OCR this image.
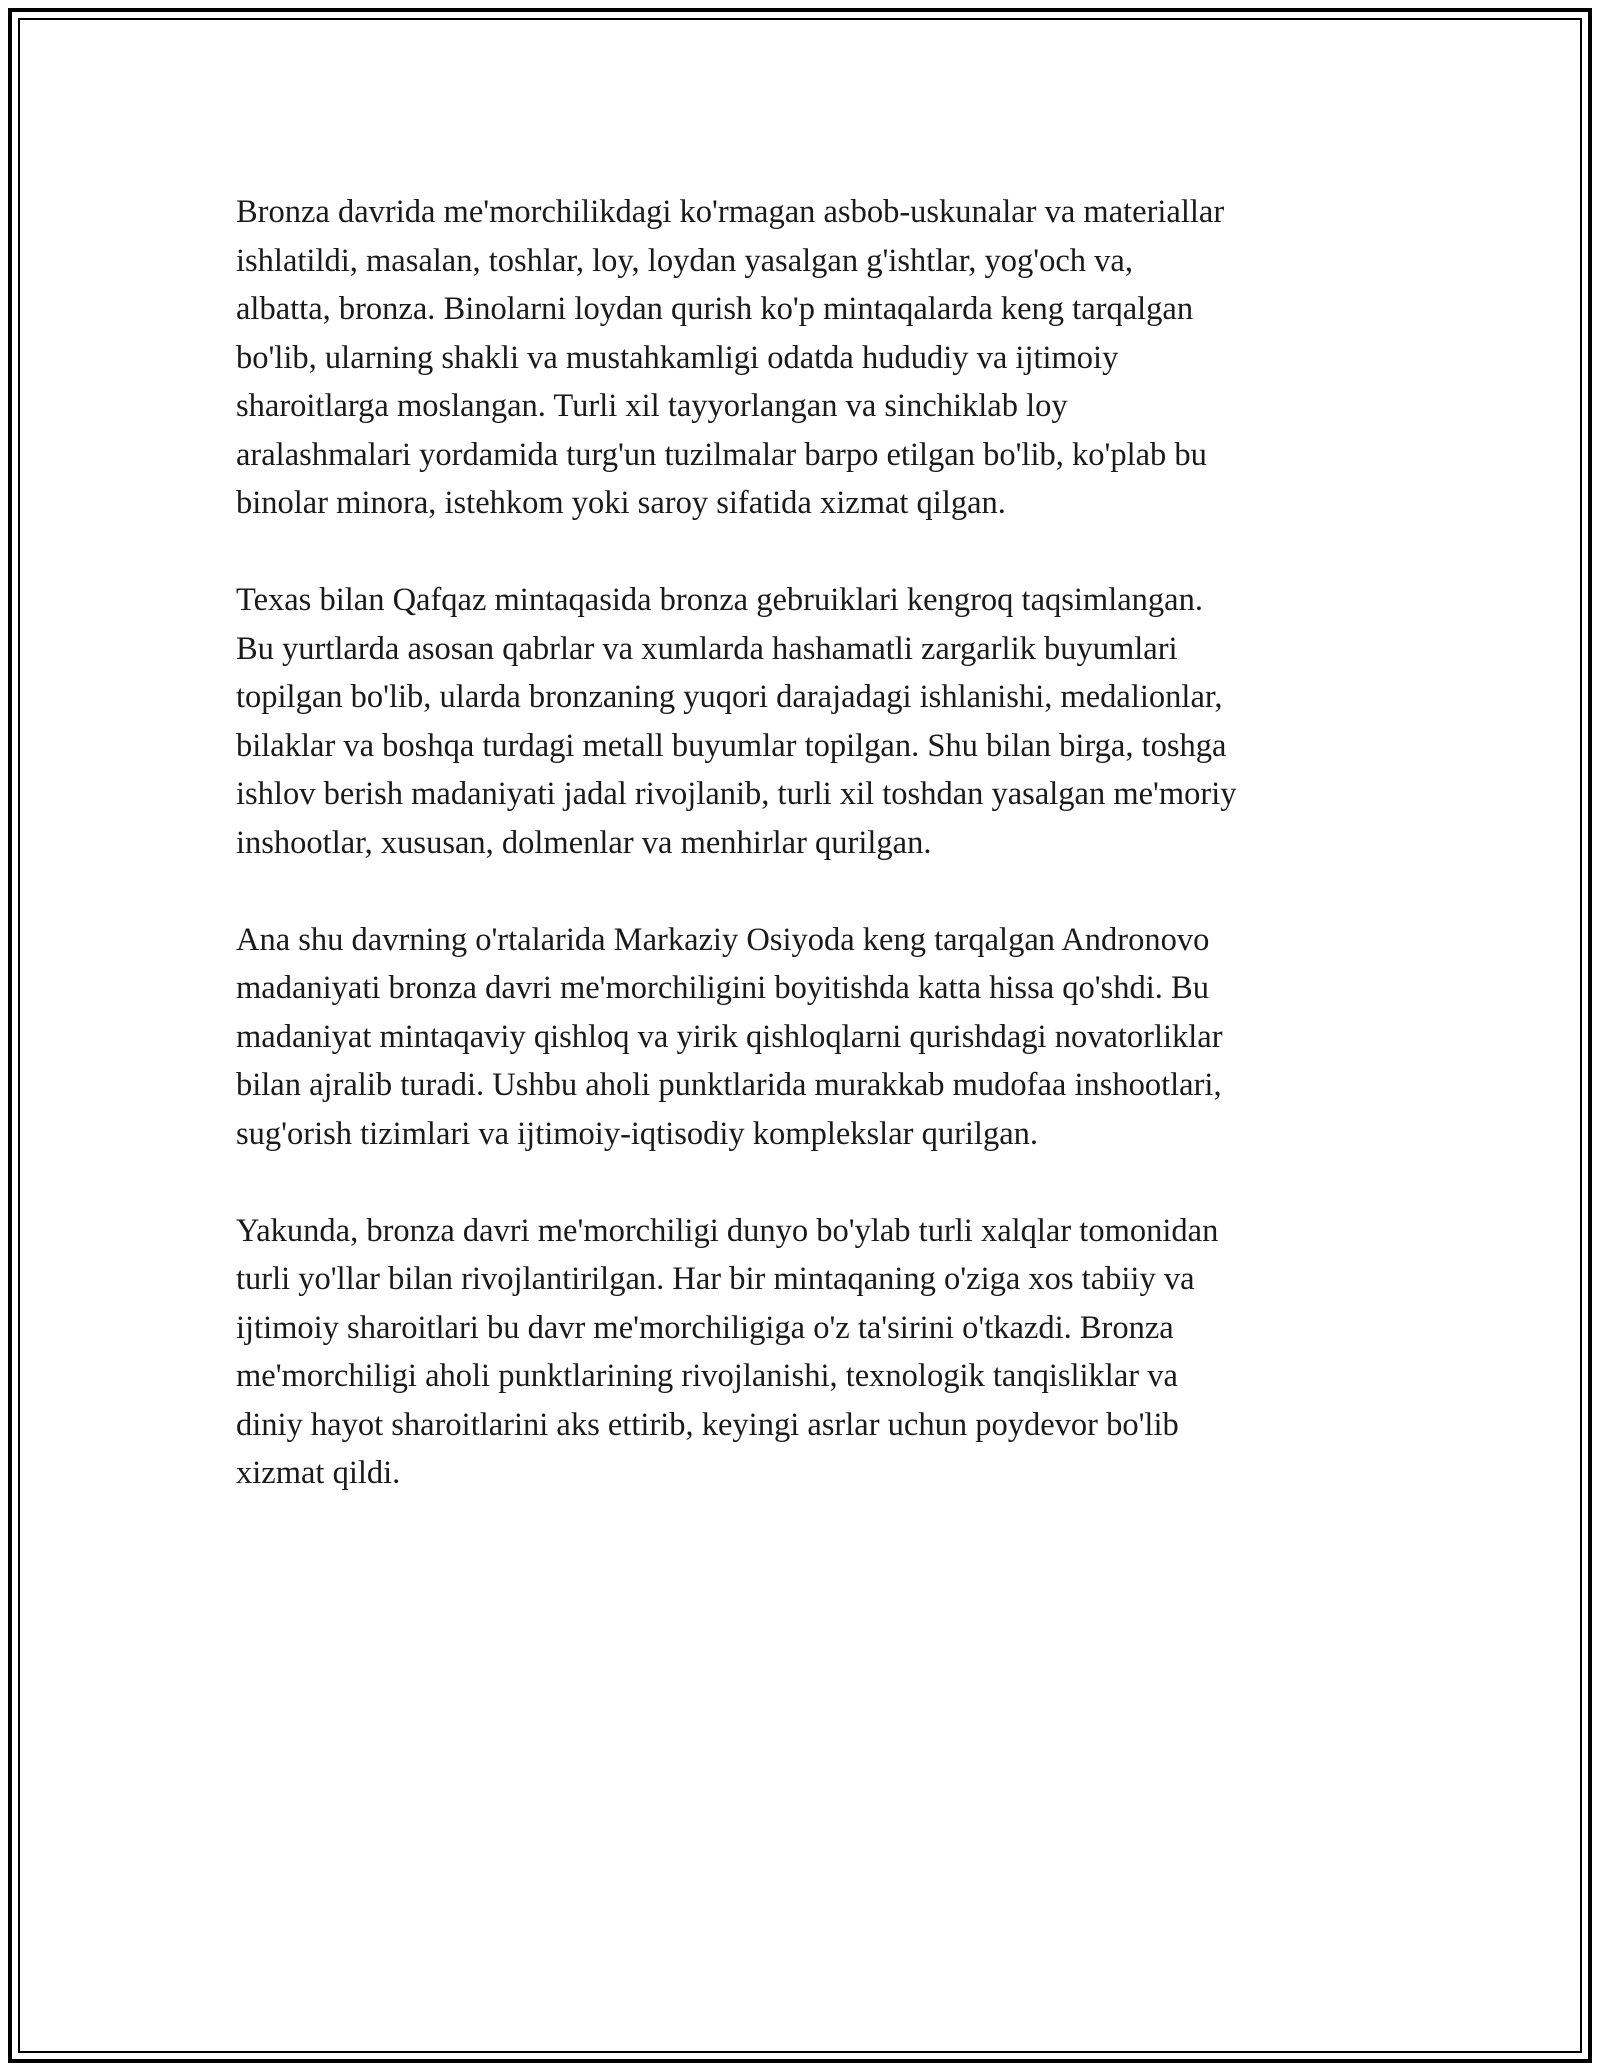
Bronza davrida me'morchilikdagi ko'rmagan asbob-uskunalar va materiallar
ishlatildi, masalan, toshlar, loy, loydan yasalgan g'ishtlar, yog'och va,
albatta, bronza. Binolarni loydan qurish ko'p mintaqalarda keng tarqalgan
bo'lib, ularning shakli va mustahkamligi odatda hududiy va ijtimoiy
sharoitlarga moslangan. Turli xil tayyorlangan va sinchiklab loy
aralashmalari yordamida turg'un tuzilmalar barpo etilgan bo'lib, ko'plab bu
binolar minora, istehkom yoki saroy sifatida xizmat qilgan.

Texas bilan Qafqaz mintaqasida bronza gebruiklari kengroq taqsimlangan.
Bu yurtlarda asosan qabrlar va xumlarda hashamatli zargarlik buyumlari
topilgan bo'lib, ularda bronzaning yuqori darajadagi ishlanishi, medalionlar,
bilaklar va boshqa turdagi metall buyumlar topilgan. Shu bilan birga, toshga
ishlov berish madaniyati jadal rivojlanib, turli xil toshdan yasalgan me'moriy
inshootlar, xususan, dolmenlar va menhirlar qurilgan.

Ana shu davrning o'rtalarida Markaziy Osiyoda keng tarqalgan Andronovo
madaniyati bronza davri me'morchiligini boyitishda katta hissa qo'shdi. Bu
madaniyat mintaqaviy qishloq va yirik qishloqlarni qurishdagi novatorliklar
bilan ajralib turadi. Ushbu aholi punktlarida murakkab mudofaa inshootlari,
sug'orish tizimlari va ijtimoiy-iqtisodiy komplekslar qurilgan.

Yakunda, bronza davri me'morchiligi dunyo bo'ylab turli xalqlar tomonidan
turli yo'llar bilan rivojlantirilgan. Har bir mintaqaning o'ziga xos tabiiy va
ijtimoiy sharoitlari bu davr me'morchiligiga o'z ta'sirini o'tkazdi. Bronza
me'morchiligi aholi punktlarining rivojlanishi, texnologik tanqisliklar va
diniy hayot sharoitlarini aks ettirib, keyingi asrlar uchun poydevor bo'lib
xizmat qildi.
